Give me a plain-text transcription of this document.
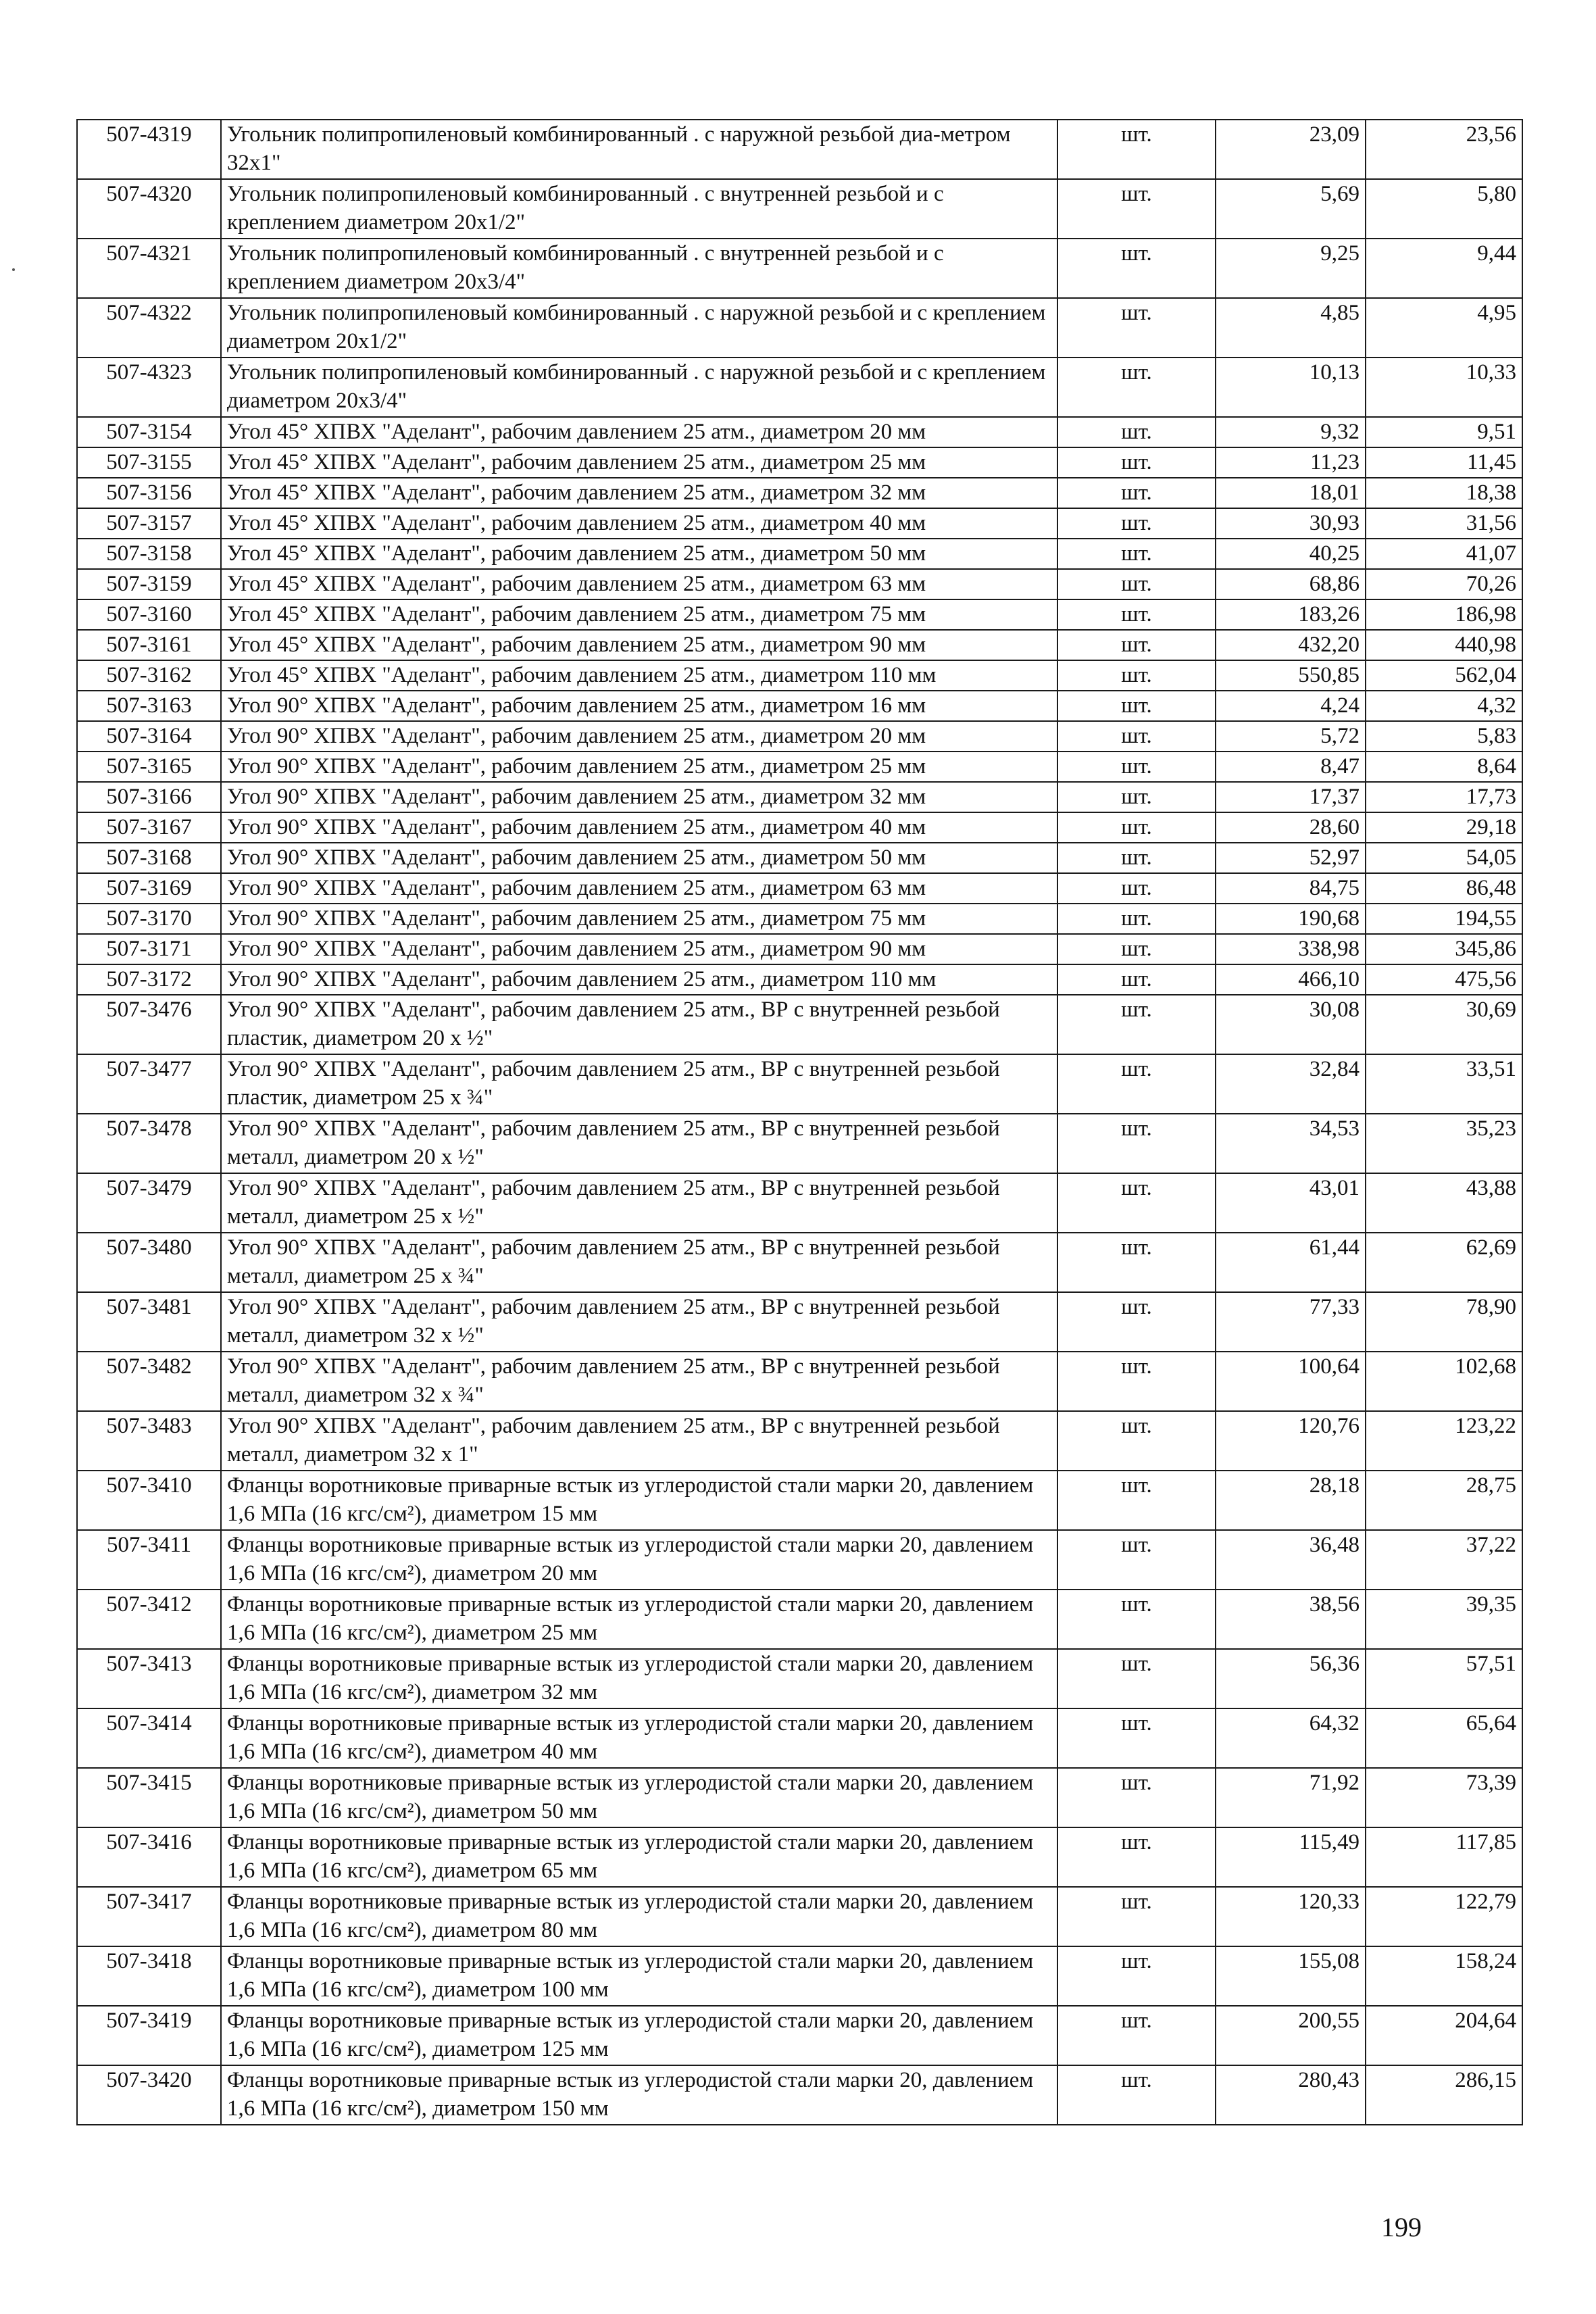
507-4319	Угольник полипропиленовый комбинированный . с наружной резьбой диа-метром 32x1"	шт.	23,09	23,56
507-4320	Угольник полипропиленовый комбинированный . с внутренней резьбой и с креплением диаметром 20x1/2"	шт.	5,69	5,80
507-4321	Угольник полипропиленовый комбинированный . с внутренней резьбой и с креплением диаметром 20x3/4"	шт.	9,25	9,44
507-4322	Угольник полипропиленовый комбинированный . с наружной резьбой и с креплением диаметром 20x1/2"	шт.	4,85	4,95
507-4323	Угольник полипропиленовый комбинированный . с наружной резьбой и с креплением диаметром 20x3/4"	шт.	10,13	10,33
507-3154	Угол 45° ХПВХ "Аделант", рабочим давлением 25 атм., диаметром 20 мм	шт.	9,32	9,51
507-3155	Угол 45° ХПВХ "Аделант", рабочим давлением 25 атм., диаметром 25 мм	шт.	11,23	11,45
507-3156	Угол 45° ХПВХ "Аделант", рабочим давлением 25 атм., диаметром 32 мм	шт.	18,01	18,38
507-3157	Угол 45° ХПВХ "Аделант", рабочим давлением 25 атм., диаметром 40 мм	шт.	30,93	31,56
507-3158	Угол 45° ХПВХ "Аделант", рабочим давлением 25 атм., диаметром 50 мм	шт.	40,25	41,07
507-3159	Угол 45° ХПВХ "Аделант", рабочим давлением 25 атм., диаметром 63 мм	шт.	68,86	70,26
507-3160	Угол 45° ХПВХ "Аделант", рабочим давлением 25 атм., диаметром 75 мм	шт.	183,26	186,98
507-3161	Угол 45° ХПВХ "Аделант", рабочим давлением 25 атм., диаметром 90 мм	шт.	432,20	440,98
507-3162	Угол 45° ХПВХ "Аделант", рабочим давлением 25 атм., диаметром 110 мм	шт.	550,85	562,04
507-3163	Угол 90° ХПВХ "Аделант", рабочим давлением 25 атм., диаметром 16 мм	шт.	4,24	4,32
507-3164	Угол 90° ХПВХ "Аделант", рабочим давлением 25 атм., диаметром 20 мм	шт.	5,72	5,83
507-3165	Угол 90° ХПВХ "Аделант", рабочим давлением 25 атм., диаметром 25 мм	шт.	8,47	8,64
507-3166	Угол 90° ХПВХ "Аделант", рабочим давлением 25 атм., диаметром 32 мм	шт.	17,37	17,73
507-3167	Угол 90° ХПВХ "Аделант", рабочим давлением 25 атм., диаметром 40 мм	шт.	28,60	29,18
507-3168	Угол 90° ХПВХ "Аделант", рабочим давлением 25 атм., диаметром 50 мм	шт.	52,97	54,05
507-3169	Угол 90° ХПВХ "Аделант", рабочим давлением 25 атм., диаметром 63 мм	шт.	84,75	86,48
507-3170	Угол 90° ХПВХ "Аделант", рабочим давлением 25 атм., диаметром 75 мм	шт.	190,68	194,55
507-3171	Угол 90° ХПВХ "Аделант", рабочим давлением 25 атм., диаметром 90 мм	шт.	338,98	345,86
507-3172	Угол 90° ХПВХ "Аделант", рабочим давлением 25 атм., диаметром 110 мм	шт.	466,10	475,56
507-3476	Угол 90° ХПВХ "Аделант", рабочим давлением 25 атм., ВР с внутренней резьбой пластик, диаметром 20 x ½"	шт.	30,08	30,69
507-3477	Угол 90° ХПВХ "Аделант", рабочим давлением 25 атм., ВР с внутренней резьбой пластик, диаметром 25 x ¾"	шт.	32,84	33,51
507-3478	Угол 90° ХПВХ "Аделант", рабочим давлением 25 атм., ВР с внутренней резьбой металл, диаметром 20 x ½"	шт.	34,53	35,23
507-3479	Угол 90° ХПВХ "Аделант", рабочим давлением 25 атм., ВР с внутренней резьбой металл, диаметром 25 x ½"	шт.	43,01	43,88
507-3480	Угол 90° ХПВХ "Аделант", рабочим давлением 25 атм., ВР с внутренней резьбой металл, диаметром 25 x ¾"	шт.	61,44	62,69
507-3481	Угол 90° ХПВХ "Аделант", рабочим давлением 25 атм., ВР с внутренней резьбой металл, диаметром 32 x ½"	шт.	77,33	78,90
507-3482	Угол 90° ХПВХ "Аделант", рабочим давлением 25 атм., ВР с внутренней резьбой металл, диаметром 32 x ¾"	шт.	100,64	102,68
507-3483	Угол 90° ХПВХ "Аделант", рабочим давлением 25 атм., ВР с внутренней резьбой металл, диаметром 32 x 1"	шт.	120,76	123,22
507-3410	Фланцы воротниковые приварные встык из углеродистой стали марки 20, давлением 1,6 МПа (16 кгс/см²), диаметром 15 мм	шт.	28,18	28,75
507-3411	Фланцы воротниковые приварные встык из углеродистой стали марки 20, давлением 1,6 МПа (16 кгс/см²), диаметром 20 мм	шт.	36,48	37,22
507-3412	Фланцы воротниковые приварные встык из углеродистой стали марки 20, давлением 1,6 МПа (16 кгс/см²), диаметром 25 мм	шт.	38,56	39,35
507-3413	Фланцы воротниковые приварные встык из углеродистой стали марки 20, давлением 1,6 МПа (16 кгс/см²), диаметром 32 мм	шт.	56,36	57,51
507-3414	Фланцы воротниковые приварные встык из углеродистой стали марки 20, давлением 1,6 МПа (16 кгс/см²), диаметром 40 мм	шт.	64,32	65,64
507-3415	Фланцы воротниковые приварные встык из углеродистой стали марки 20, давлением 1,6 МПа (16 кгс/см²), диаметром 50 мм	шт.	71,92	73,39
507-3416	Фланцы воротниковые приварные встык из углеродистой стали марки 20, давлением 1,6 МПа (16 кгс/см²), диаметром 65 мм	шт.	115,49	117,85
507-3417	Фланцы воротниковые приварные встык из углеродистой стали марки 20, давлением 1,6 МПа (16 кгс/см²), диаметром 80 мм	шт.	120,33	122,79
507-3418	Фланцы воротниковые приварные встык из углеродистой стали марки 20, давлением 1,6 МПа (16 кгс/см²), диаметром 100 мм	шт.	155,08	158,24
507-3419	Фланцы воротниковые приварные встык из углеродистой стали марки 20, давлением 1,6 МПа (16 кгс/см²), диаметром 125 мм	шт.	200,55	204,64
507-3420	Фланцы воротниковые приварные встык из углеродистой стали марки 20, давлением 1,6 МПа (16 кгс/см²), диаметром 150 мм	шт.	280,43	286,15
199
